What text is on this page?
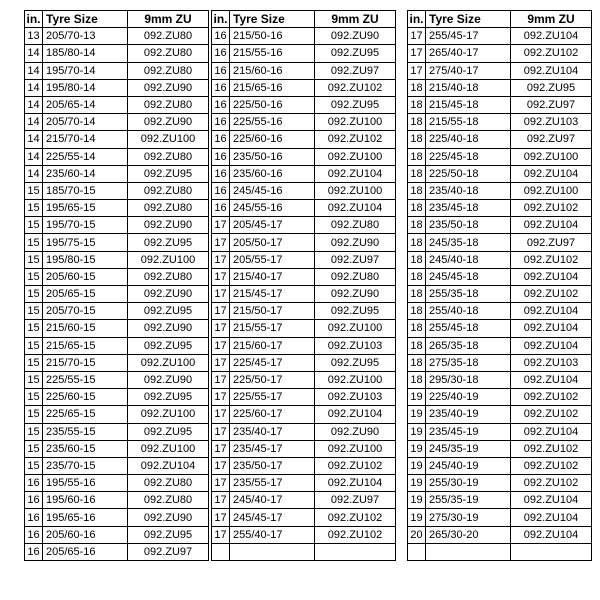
in.	Tyre Size	9mm ZU
13	205/70-13	092.ZU80
14	185/80-14	092.ZU80
14	195/70-14	092.ZU80
14	195/80-14	092.ZU90
14	205/65-14	092.ZU80
14	205/70-14	092.ZU90
14	215/70-14	092.ZU100
14	225/55-14	092.ZU80
14	235/60-14	092.ZU95
15	185/70-15	092.ZU80
15	195/65-15	092.ZU80
15	195/70-15	092.ZU90
15	195/75-15	092.ZU95
15	195/80-15	092.ZU100
15	205/60-15	092.ZU80
15	205/65-15	092.ZU90
15	205/70-15	092.ZU95
15	215/60-15	092.ZU90
15	215/65-15	092.ZU95
15	215/70-15	092.ZU100
15	225/55-15	092.ZU90
15	225/60-15	092.ZU95
15	225/65-15	092.ZU100
15	235/55-15	092.ZU95
15	235/60-15	092.ZU100
15	235/70-15	092.ZU104
16	195/55-16	092.ZU80
16	195/60-16	092.ZU80
16	195/65-16	092.ZU90
16	205/60-16	092.ZU95
16	205/65-16	092.ZU97
in.	Tyre Size	9mm ZU
16	215/50-16	092.ZU90
16	215/55-16	092.ZU95
16	215/60-16	092.ZU97
16	215/65-16	092.ZU102
16	225/50-16	092.ZU95
16	225/55-16	092.ZU100
16	225/60-16	092.ZU102
16	235/50-16	092.ZU100
16	235/60-16	092.ZU104
16	245/45-16	092.ZU100
16	245/55-16	092.ZU104
17	205/45-17	092.ZU80
17	205/50-17	092.ZU90
17	205/55-17	092.ZU97
17	215/40-17	092.ZU80
17	215/45-17	092.ZU90
17	215/50-17	092.ZU95
17	215/55-17	092.ZU100
17	215/60-17	092.ZU103
17	225/45-17	092.ZU95
17	225/50-17	092.ZU100
17	225/55-17	092.ZU103
17	225/60-17	092.ZU104
17	235/40-17	092.ZU90
17	235/45-17	092.ZU100
17	235/50-17	092.ZU102
17	235/55-17	092.ZU104
17	245/40-17	092.ZU97
17	245/45-17	092.ZU102
17	255/40-17	092.ZU102

in.	Tyre Size	9mm ZU
17	255/45-17	092.ZU104
17	265/40-17	092.ZU102
17	275/40-17	092.ZU104
18	215/40-18	092.ZU95
18	215/45-18	092.ZU97
18	215/55-18	092.ZU103
18	225/40-18	092.ZU97
18	225/45-18	092.ZU100
18	225/50-18	092.ZU104
18	235/40-18	092.ZU100
18	235/45-18	092.ZU102
18	235/50-18	092.ZU104
18	245/35-18	092.ZU97
18	245/40-18	092.ZU102
18	245/45-18	092.ZU104
18	255/35-18	092.ZU102
18	255/40-18	092.ZU104
18	255/45-18	092.ZU104
18	265/35-18	092.ZU104
18	275/35-18	092.ZU103
18	295/30-18	092.ZU104
19	225/40-19	092.ZU102
19	235/40-19	092.ZU102
19	235/45-19	092.ZU104
19	245/35-19	092.ZU102
19	245/40-19	092.ZU102
19	255/30-19	092.ZU102
19	255/35-19	092.ZU104
19	275/30-19	092.ZU104
20	265/30-20	092.ZU104
